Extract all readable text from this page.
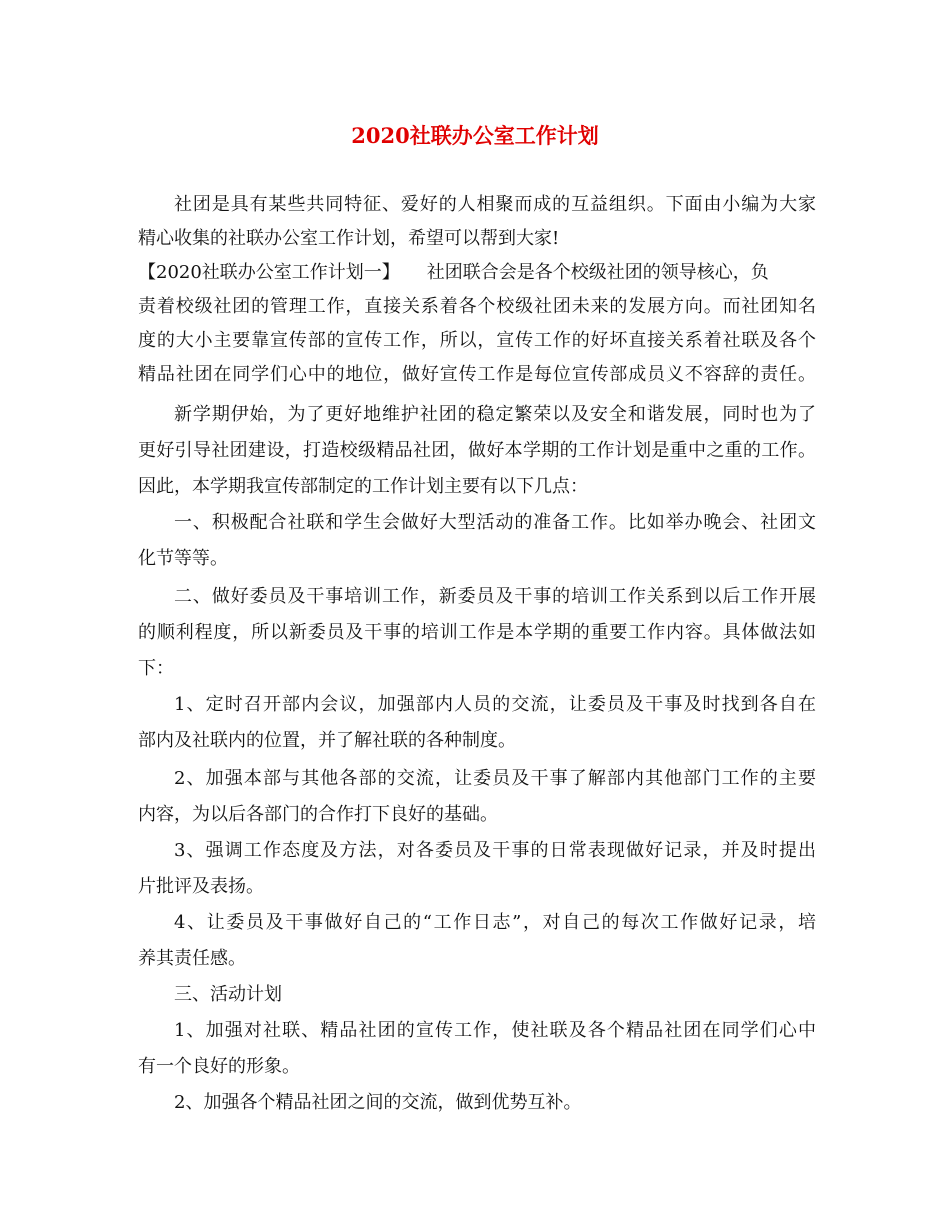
2020社联办公室工作计划

社团是具有某些共同特征、爱好的人相聚而成的互益组织。下面由小编为大家

精心收集的社联办公室工作计划，希望可以帮到大家!

【2020社联办公室工作计划一】　　社团联合会是各个校级社团的领导核心，负

责着校级社团的管理工作，直接关系着各个校级社团未来的发展方向。而社团知名

度的大小主要靠宣传部的宣传工作，所以，宣传工作的好坏直接关系着社联及各个

精品社团在同学们心中的地位，做好宣传工作是每位宣传部成员义不容辞的责任。

新学期伊始，为了更好地维护社团的稳定繁荣以及安全和谐发展，同时也为了

更好引导社团建设，打造校级精品社团，做好本学期的工作计划是重中之重的工作。

因此，本学期我宣传部制定的工作计划主要有以下几点：

一、积极配合社联和学生会做好大型活动的准备工作。比如举办晚会、社团文

化节等等。

二、做好委员及干事培训工作，新委员及干事的培训工作关系到以后工作开展

的顺利程度，所以新委员及干事的培训工作是本学期的重要工作内容。具体做法如

下：

1、定时召开部内会议，加强部内人员的交流，让委员及干事及时找到各自在

部内及社联内的位置，并了解社联的各种制度。

2、加强本部与其他各部的交流，让委员及干事了解部内其他部门工作的主要

内容，为以后各部门的合作打下良好的基础。

3、强调工作态度及方法，对各委员及干事的日常表现做好记录，并及时提出

片批评及表扬。

4、让委员及干事做好自己的“工作日志”，对自己的每次工作做好记录，培

养其责任感。

三、活动计划

1、加强对社联、精品社团的宣传工作，使社联及各个精品社团在同学们心中

有一个良好的形象。

2、加强各个精品社团之间的交流，做到优势互补。
